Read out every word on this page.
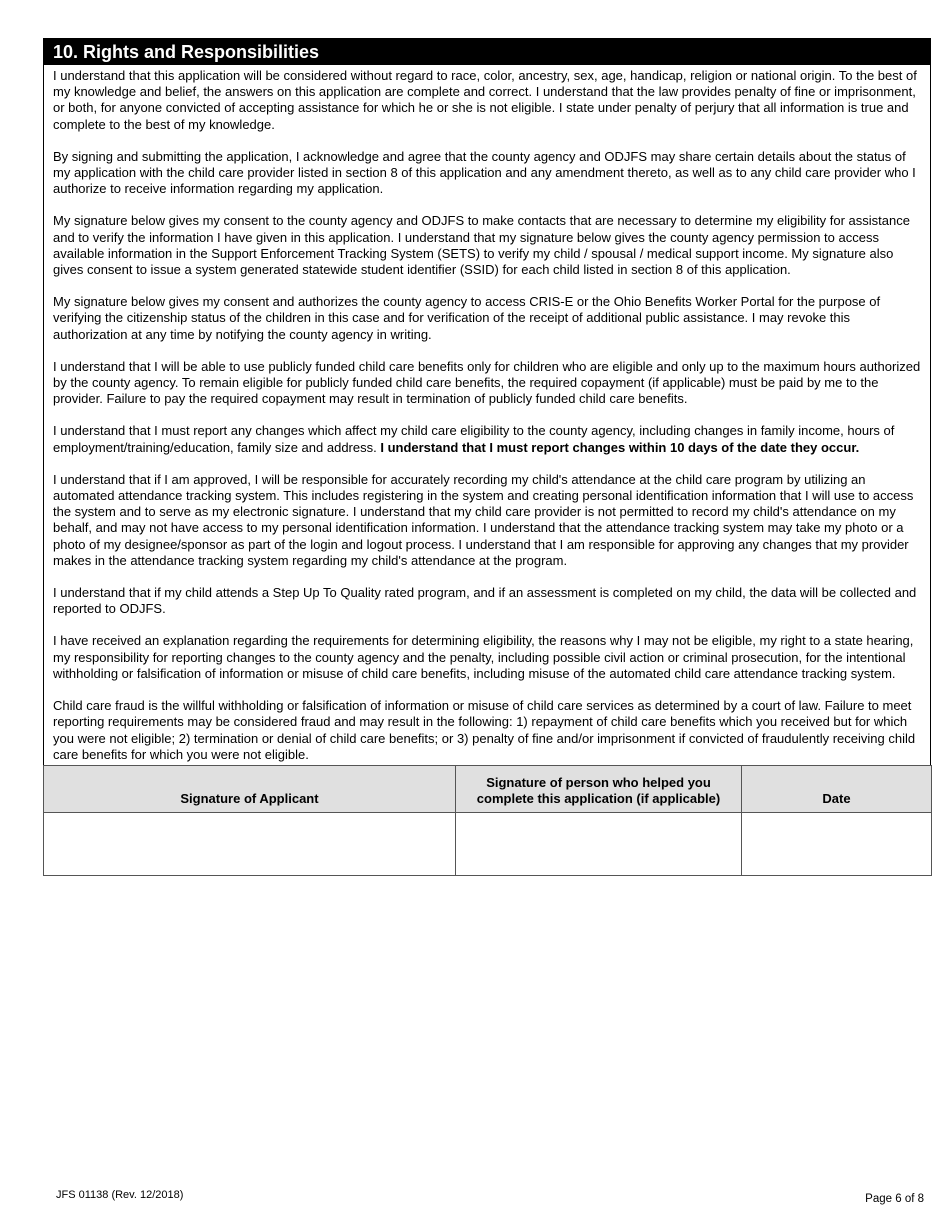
10. Rights and Responsibilities

I understand that this application will be considered without regard to race, color, ancestry, sex, age, handicap, religion or national origin. To the best of my knowledge and belief, the answers on this application are complete and correct. I understand that the law provides penalty of fine or imprisonment, or both, for anyone convicted of accepting assistance for which he or she is not eligible. I state under penalty of perjury that all information is true and complete to the best of my knowledge.

By signing and submitting the application, I acknowledge and agree that the county agency and ODJFS may share certain details about the status of my application with the child care provider listed in section 8 of this application and any amendment thereto, as well as to any child care provider who I authorize to receive information regarding my application.

My signature below gives my consent to the county agency and ODJFS to make contacts that are necessary to determine my eligibility for assistance and to verify the information I have given in this application. I understand that my signature below gives the county agency permission to access available information in the Support Enforcement Tracking System (SETS) to verify my child / spousal / medical support income. My signature also gives consent to issue a system generated statewide student identifier (SSID) for each child listed in section 8 of this application.

My signature below gives my consent and authorizes the county agency to access CRIS-E or the Ohio Benefits Worker Portal for the purpose of verifying the citizenship status of the children in this case and for verification of the receipt of additional public assistance. I may revoke this authorization at any time by notifying the county agency in writing.

I understand that I will be able to use publicly funded child care benefits only for children who are eligible and only up to the maximum hours authorized by the county agency. To remain eligible for publicly funded child care benefits, the required copayment (if applicable) must be paid by me to the provider. Failure to pay the required copayment may result in termination of publicly funded child care benefits.

I understand that I must report any changes which affect my child care eligibility to the county agency, including changes in family income, hours of employment/training/education, family size and address. I understand that I must report changes within 10 days of the date they occur.

I understand that if I am approved, I will be responsible for accurately recording my child's attendance at the child care program by utilizing an automated attendance tracking system. This includes registering in the system and creating personal identification information that I will use to access the system and to serve as my electronic signature. I understand that my child care provider is not permitted to record my child's attendance on my behalf, and may not have access to my personal identification information. I understand that the attendance tracking system may take my photo or a photo of my designee/sponsor as part of the login and logout process. I understand that I am responsible for approving any changes that my provider makes in the attendance tracking system regarding my child's attendance at the program.

I understand that if my child attends a Step Up To Quality rated program, and if an assessment is completed on my child, the data will be collected and reported to ODJFS.

I have received an explanation regarding the requirements for determining eligibility, the reasons why I may not be eligible, my right to a state hearing, my responsibility for reporting changes to the county agency and the penalty, including possible civil action or criminal prosecution, for the intentional withholding or falsification of information or misuse of child care benefits, including misuse of the automated child care attendance tracking system.

Child care fraud is the willful withholding or falsification of information or misuse of child care services as determined by a court of law. Failure to meet reporting requirements may be considered fraud and may result in the following: 1) repayment of child care benefits which you received but for which you were not eligible; 2) termination or denial of child care benefits; or 3) penalty of fine and/or imprisonment if convicted of fraudulently receiving child care benefits for which you were not eligible.

Signature of Applicant	Signature of person who helped you complete this application (if applicable)	Date

JFS 01138 (Rev. 12/2018)	Page 6 of 8
